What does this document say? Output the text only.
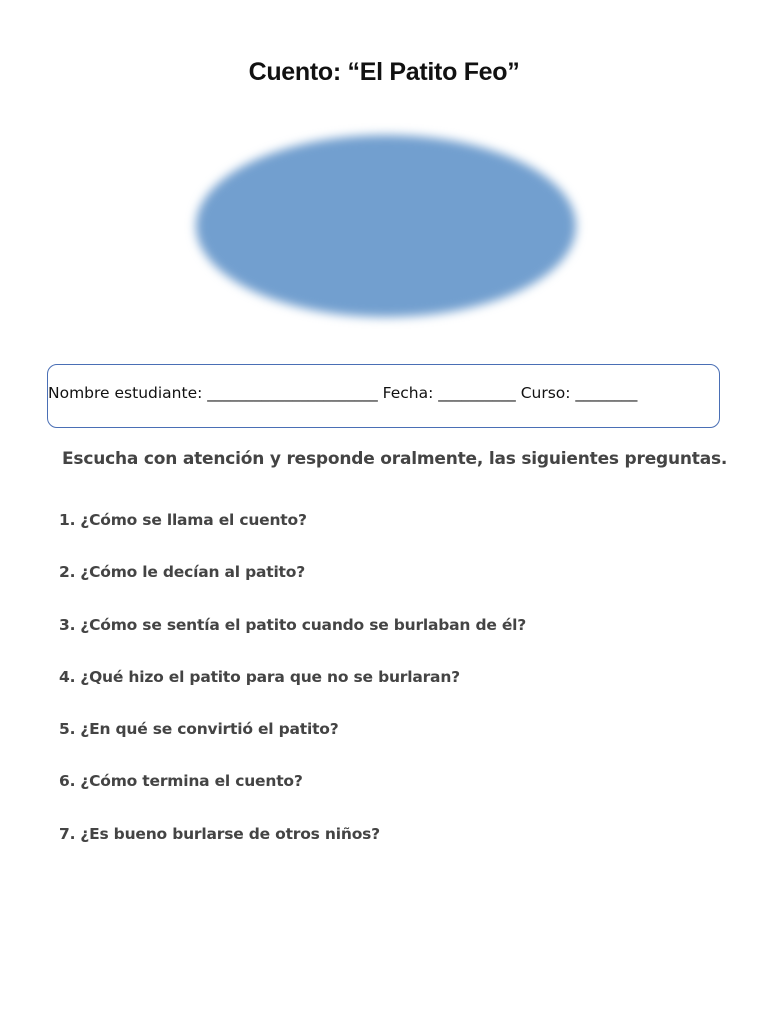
Cuento: “El Patito Feo”
Nombre estudiante: ______________________ Fecha: __________ Curso: ________
Escucha con atención y responde oralmente, las siguientes preguntas.
1. ¿Cómo se llama el cuento?
2. ¿Cómo le decían al patito?
3. ¿Cómo se sentía el patito cuando se burlaban de él?
4. ¿Qué hizo el patito para que no se burlaran?
5. ¿En qué se convirtió el patito?
6. ¿Cómo termina el cuento?
7. ¿Es bueno burlarse de otros niños?
